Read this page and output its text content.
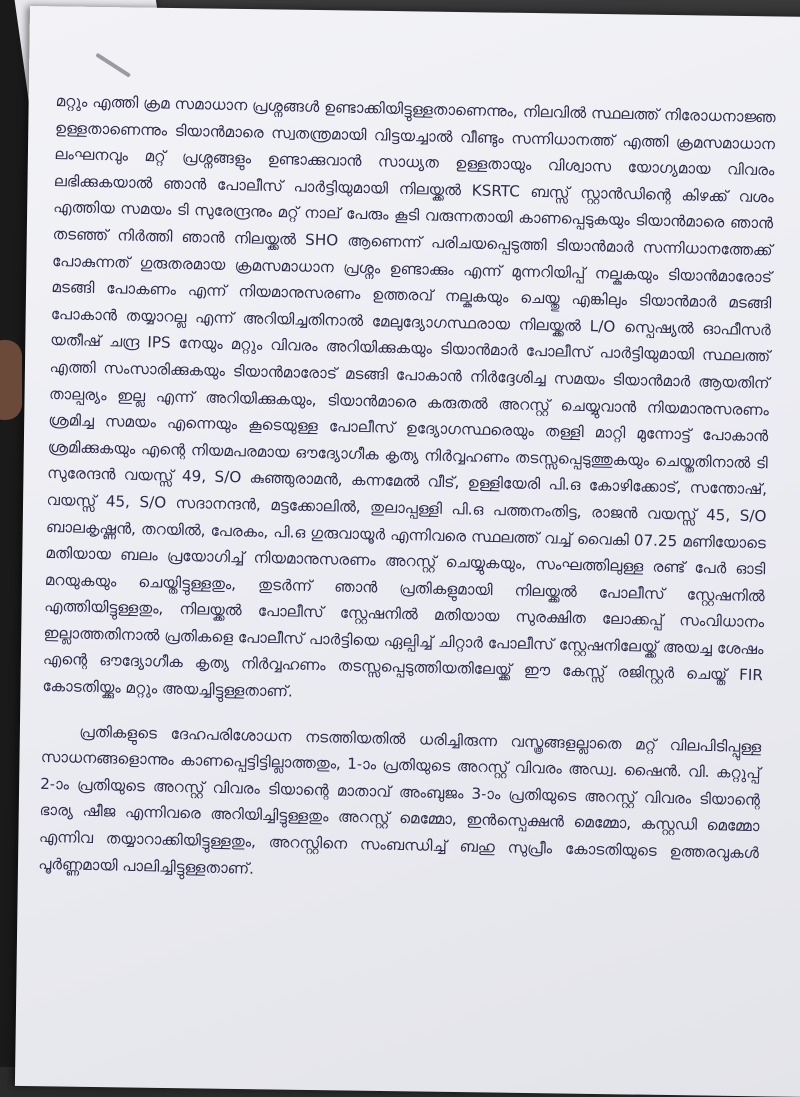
മറ്റും എത്തി ക്രമ സമാധാന പ്രശ്നങ്ങൾ ഉണ്ടാക്കിയിട്ടുള്ളതാണെന്നും, നിലവിൽ സ്ഥലത്ത് നിരോധനാജ്ഞ ഉള്ളതാണെന്നും ടിയാൻമാരെ സ്വതന്ത്രമായി വിട്ടയച്ചാൽ വീണ്ടും സന്നിധാനത്ത് എത്തി ക്രമസമാധാന ലംഘനവും മറ്റ് പ്രശ്നങ്ങളും ഉണ്ടാക്കുവാൻ സാധ്യത ഉള്ളതായും വിശ്വാസ യോഗ്യമായ വിവരം ലഭിക്കുകയാൽ ഞാൻ പോലീസ് പാർട്ടിയുമായി നിലയ്ക്കൽ KSRTC ബസ്സ് സ്റ്റാൻഡിന്റെ കിഴക്ക് വശം എത്തിയ സമയം ടി സുരേന്ദ്രനും മറ്റ് നാല് പേരും കൂടി വരുന്നതായി കാണപ്പെടുകയും ടിയാൻമാരെ ഞാൻ തടഞ്ഞ് നിർത്തി ഞാൻ നിലയ്ക്കൽ SHO ആണെന്ന് പരിചയപ്പെടുത്തി ടിയാൻമാർ സന്നിധാനത്തേക്ക് പോകുന്നത് ഗുരുതരമായ ക്രമസമാധാന പ്രശ്നം ഉണ്ടാക്കും എന്ന് മുന്നറിയിപ്പ് നല്കുകയും ടിയാൻമാരോട് മടങ്ങി പോകണം എന്ന് നിയമാനുസരണം ഉത്തരവ് നല്കുകയും ചെയ്തു എങ്കിലും ടിയാൻമാർ മടങ്ങി പോകാൻ തയ്യാറല്ല എന്ന് അറിയിച്ചതിനാൽ മേലുദ്യോഗസ്ഥരായ നിലയ്ക്കൽ L/O സ്പെഷ്യൽ ഓഫീസർ യതീഷ് ചന്ദ്ര IPS നേയും മറ്റും വിവരം അറിയിക്കുകയും ടിയാൻമാർ പോലീസ് പാർട്ടിയുമായി സ്ഥലത്ത് എത്തി സംസാരിക്കുകയും ടിയാൻമാരോട് മടങ്ങി പോകാൻ നിർദ്ദേശിച്ച സമയം ടിയാൻമാർ ആയതിന് താല്പര്യം ഇല്ല എന്ന് അറിയിക്കുകയും, ടിയാൻമാരെ കരുതൽ അറസ്റ്റ് ചെയ്യുവാൻ നിയമാനുസരണം ശ്രമിച്ച സമയം എന്നെയും കൂടെയുള്ള പോലീസ് ഉദ്യോഗസ്ഥരെയും തള്ളി മാറ്റി മുന്നോട്ട് പോകാൻ ശ്രമിക്കുകയും എന്റെ നിയമപരമായ ഔദ്യോഗീക കൃത്യ നിർവ്വഹണം തടസ്സപ്പെടുത്തുകയും ചെയ്തതിനാൽ ടി സുരേന്ദൻ വയസ്സ് 49, S/O കുഞ്ഞുരാമൻ, കന്നമേൽ വീട്, ഉള്ളിയേരി പി.ഒ കോഴിക്കോട്, സന്തോഷ്, വയസ്സ് 45, S/O സദാനന്ദൻ, മട്ടക്കോലിൽ, തുലാപ്പള്ളി പി.ഒ പത്തനംതിട്ട, രാജൻ വയസ്സ് 45, S/O ബാലകൃഷ്ണൻ, തറയിൽ, പേരകം, പി.ഒ ഗുരുവായൂർ എന്നിവരെ സ്ഥലത്ത് വച്ച് വൈകി 07.25 മണിയോടെ മതിയായ ബലം പ്രയോഗിച്ച് നിയമാനുസരണം അറസ്റ്റ് ചെയ്യുകയും, സംഘത്തിലുള്ള രണ്ട് പേർ ഓടി മറയുകയും ചെയ്തിട്ടുള്ളതും, തുടർന്ന് ഞാൻ പ്രതികളുമായി നിലയ്ക്കൽ പോലീസ് സ്റ്റേഷനിൽ എത്തിയിട്ടുള്ളതും, നിലയ്ക്കൽ പോലീസ് സ്റ്റേഷനിൽ മതിയായ സുരക്ഷിത ലോക്കപ്പ് സംവിധാനം ഇല്ലാത്തതിനാൽ പ്രതികളെ പോലീസ് പാർട്ടിയെ ഏല്പിച്ച് ചിറ്റാർ പോലീസ് സ്റ്റേഷനിലേയ്ക്ക് അയച്ച ശേഷം എന്റെ ഔദ്യോഗീക കൃത്യ നിർവ്വഹണം തടസ്സപ്പെടുത്തിയതിലേയ്ക്ക് ഈ കേസ്സ് രജിസ്റ്റർ ചെയ്ത് FIR കോടതിയ്ക്കും മറ്റും അയച്ചിട്ടുള്ളതാണ്.

പ്രതികളുടെ ദേഹപരിശോധന നടത്തിയതിൽ ധരിച്ചിരുന്ന വസ്ത്രങ്ങളല്ലാതെ മറ്റ് വിലപിടിപ്പുള്ള സാധനങ്ങളൊന്നും കാണപ്പെട്ടിട്ടില്ലാത്തതും, 1-ാം പ്രതിയുടെ അറസ്റ്റ് വിവരം അഡ്വ. ഷൈൻ. വി. കറ്റുപ്പ് 2-ാം പ്രതിയുടെ അറസ്റ്റ് വിവരം ടിയാന്റെ മാതാവ് അംബുജം 3-ാം പ്രതിയുടെ അറസ്റ്റ് വിവരം ടിയാന്റെ ഭാര്യ ഷീജ എന്നിവരെ അറിയിച്ചിട്ടുള്ളതും അറസ്റ്റ് മെമ്മോ, ഇൻസ്പെക്ഷൻ മെമ്മോ, കസ്റ്റഡി മെമ്മോ എന്നിവ തയ്യാറാക്കിയിട്ടുള്ളതും, അറസ്റ്റിനെ സംബന്ധിച്ച് ബഹു സുപ്രീം കോടതിയുടെ ഉത്തരവുകൾ പൂർണ്ണമായി പാലിച്ചിട്ടുള്ളതാണ്.
